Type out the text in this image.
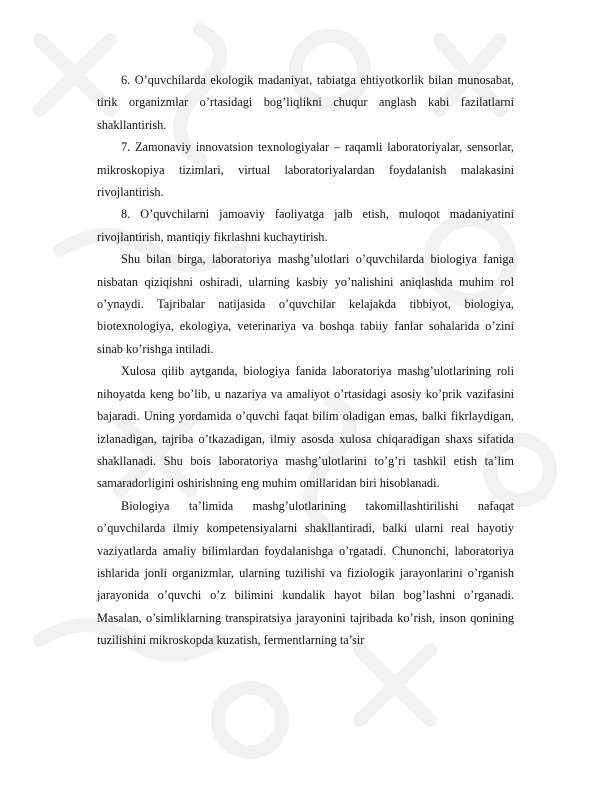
6. O’quvchilarda ekologik madaniyat, tabiatga ehtiyotkorlik bilan munosabat, tirik organizmlar o’rtasidagi bog’liqlikni chuqur anglash kabi fazilatlarni shakllantirish.

7. Zamonaviy innovatsion texnologiyalar – raqamli laboratoriyalar, sensorlar, mikroskopiya tizimlari, virtual laboratoriyalardan foydalanish malakasini rivojlantirish.

8. O’quvchilarni jamoaviy faoliyatga jalb etish, muloqot madaniyatini rivojlantirish, mantiqiy fikrlashni kuchaytirish.

Shu bilan birga, laboratoriya mashg’ulotlari o’quvchilarda biologiya faniga nisbatan qiziqishni oshiradi, ularning kasbiy yo’nalishini aniqlashda muhim rol o’ynaydi. Tajribalar natijasida o’quvchilar kelajakda tibbiyot, biologiya, biotexnologiya, ekologiya, veterinariya va boshqa tabiiy fanlar sohalarida o’zini sinab ko’rishga intiladi.

Xulosa qilib aytganda, biologiya fanida laboratoriya mashg’ulotlarining roli nihoyatda keng bo’lib, u nazariya va amaliyot o’rtasidagi asosiy ko’prik vazifasini bajaradi. Uning yordamida o’quvchi faqat bilim oladigan emas, balki fikrlaydigan, izlanadigan, tajriba o’tkazadigan, ilmiy asosda xulosa chiqaradigan shaxs sifatida shakllanadi. Shu bois laboratoriya mashg’ulotlarini to’g’ri tashkil etish ta’lim samaradorligini oshirishning eng muhim omillaridan biri hisoblanadi.

Biologiya ta’limida mashg’ulotlarining takomillashtirilishi nafaqat o’quvchilarda ilmiy kompetensiyalarni shakllantiradi, balki ularni real hayotiy vaziyatlarda amaliy bilimlardan foydalanishga o’rgatadi. Chunonchi, laboratoriya ishlarida jonli organizmlar, ularning tuzilishi va fiziologik jarayonlarini o’rganish jarayonida o’quvchi o’z bilimini kundalik hayot bilan bog’lashni o’rganadi. Masalan, o’simliklarning transpiratsiya jarayonini tajribada ko’rish, inson qonining tuzilishini mikroskopda kuzatish, fermentlarning ta’sir
